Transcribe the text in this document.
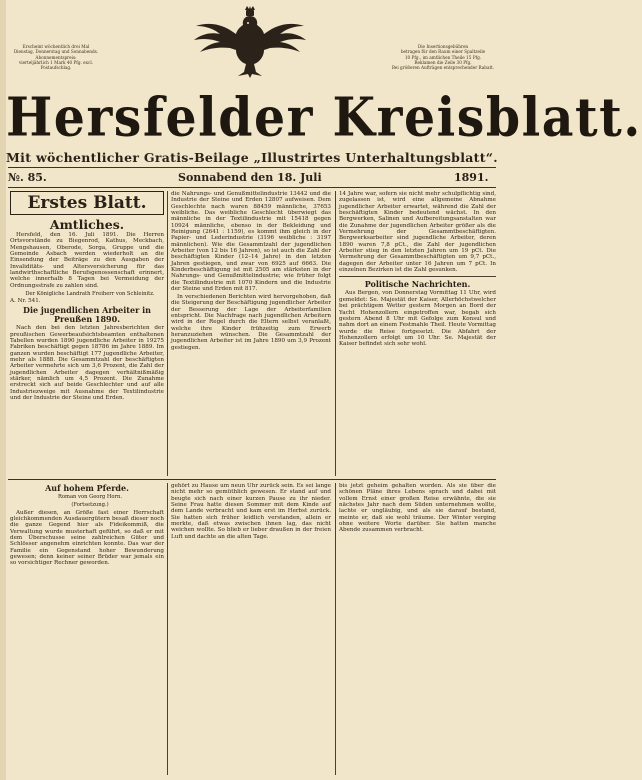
Erscheint wöchentlich drei Mal
Dienstag, Donnerstag und Sonnabends.
Abonnementspreis:
vierteljährlich 1 Mark 40 Pfg. excl.
Postaufschlag.
Die Insertionsgebühren
betragen für den Raum einer Spaltzeile
10 Pfg., im amtlichen Theile 15 Pfg.
Reklamen die Zeile 30 Pfg.
Bei größeren Aufträgen entsprechender Rabatt.
Hersfelder Kreisblatt.
Mit wöchentlicher Gratis-Beilage „Illustrirtes Unterhaltungsblatt“.
№. 85.	Sonnabend den 18. Juli	1891.
Erstes Blatt.
Amtliches.

Hersfeld, den 16. Juli 1891. Die Herren Ortsvorstände zu Biegenrod, Kathus, Meckbach, Mengshausen, Oberode, Sorga, Gruppe und die Gemeinde Asbach werden wiederholt an die Einsendung der Beiträge zu den Ausgaben der Invaliditäts- und Altersversicherung für das landwirthschaftliche Berufsgenossenschaft erinnert, welche innerhalb 8 Tagen bei Vermeidung der Ordnungsstrafe zu zahlen sind.

Der Königliche Landrath Freiherr von Schleinitz.

A. Nr. 541.

Die jugendlichen Arbeiter in Preußen 1890.

Nach den bei den letzten Jahresberichten der preußischen Gewerbeaufsichtsbeamten enthaltenen Tabellen wurden 1890 jugendliche Arbeiter in 19275 Fabriken beschäftigt gegen 18786 im Jahre 1889. Im ganzen wurden beschäftigt 177 jugendliche Arbeiter, mehr als 1888. Die Gesammtzahl der beschäftigten Arbeiter vermehrte sich um 3,6 Prozent, die Zahl der jugendlichen Arbeiter dagegen verhältnißmäßig stärker, nämlich um 4,5 Prozent. Die Zunahme erstreckt sich auf beide Geschlechter und auf alle Industriezweige mit Ausnahme der Textilindustrie und der Industrie der Steine und Erden.

die Nahrungs- und Genußmittelindustrie 13442 und die Industrie der Steine und Erden 12807 aufweisen. Dem Geschlechte nach waren 88459 männliche, 37653 weibliche. Das weibliche Geschlecht überwiegt das männliche in der Textilindustrie mit 15418 gegen 10924 männliche, ebenso in der Bekleidung und Reinigung (2641 : 1159), es kommt ihm gleich in der Papier- und Lederindustrie (3196 weibliche : 3197 männlichen). Wie die Gesammtzahl der jugendlichen Arbeiter (von 12 bis 16 Jahren), so ist auch die Zahl der beschäftigten Kinder (12–14 Jahre) in den letzten Jahren gestiegen, und zwar von 6925 auf 6663. Die Kinderbeschäftigung ist mit 2505 am stärksten in der Nahrungs- und Genußmittelindustrie; wie früher folgt die Textilindustrie mit 1070 Kindern und die Industrie der Steine und Erden mit 817.

In verschiedenen Berichten wird hervorgehoben, daß die Steigerung der Beschäftigung jugendlicher Arbeiter der Besserung der Lage der Arbeiterfamilien entspricht. Die Nachfrage nach jugendlichen Arbeitern wird in der Regel durch die Eltern selbst veranlaßt, welche ihre Kinder frühzeitig zum Erwerb heranzuziehen wünschen. Die Gesammtzahl der jugendlichen Arbeiter ist im Jahre 1890 um 3,9 Prozent gestiegen.

14 Jahre war, sofern sie nicht mehr schulpflichtig sind, zugelassen ist, wird eine allgemeine Abnahme jugendlicher Arbeiter erwartet, während die Zahl der beschäftigten Kinder bedeutend wächst. In den Bergwerken, Salinen und Aufbereitungsanstalten war die Zunahme der jugendlichen Arbeiter größer als die Vermehrung der Gesammtbeschäftigten. Bergwerksarbeiter sind jugendliche Arbeiter, deren 1890 waren 7,8 pCt., die Zahl der jugendlichen Arbeiter stieg in den letzten Jahren um 19 pCt. Die Vermehrung der Gesammtbeschäftigten um 9,7 pCt., dagegen der Arbeiter unter 16 Jahren um 7 pCt. In einzelnen Bezirken ist die Zahl gesunken.

Politische Nachrichten.

Aus Bergen, von Donnerstag Vormittag 11 Uhr, wird gemeldet: Se. Majestät der Kaiser, Allerhöchstwelcher bei prächtigem Wetter gestern Morgen an Bord der Yacht Hohenzollern eingetroffen war, begab sich gestern Abend 8 Uhr mit Gefolge zum Konsul und nahm dort an einem Festmahle Theil. Heute Vormittag wurde die Reise fortgesetzt. Die Abfahrt der Hohenzollern erfolgt um 10 Uhr. Se. Majestät der Kaiser befindet sich sehr wohl.

Auf hohem Pferde.

Roman von Georg Horn.

(Fortsetzung.)

Außer diesen, an Größe fast einer Herrschaft gleichkommenden Ausdauergütern besaß dieser noch die ganze Gegend hier als Fideikommiß, die Verwaltung wurde musterhaft geführt, so daß er mit dem Überschusse seine zahlreichen Güter und Schlösser angenehm einrichten konnte. Das war der Familie ein Gegenstand hoher Bewunderung gewesen; denn keiner seiner Brüder war jemals ein so vorsichtiger Rechner geworden.

gehört zu Hause um neun Uhr zurück sein. Es sei lange nicht mehr so gemüthlich gewesen. Er stand auf und beugte sich nach einer kurzen Pause zu ihr nieder. Seine Frau hatte diesen Sommer mit dem Kinde auf dem Lande verbracht und kam erst im Herbst zurück. Sie hatten sich früher leidlich verstanden, allein er merkte, daß etwas zwischen ihnen lag, das nicht weichen wollte. So blieb er lieber draußen in der freien Luft und dachte an die alten Tage.

bis jetzt geheim gehalten worden. Als sie über die schönen Pläne ihres Lebens sprach und dabei mit vollem Ernst einer großen Reise erwähnte, die sie nächstes Jahr nach dem Süden unternehmen wollte, lachte er ungläubig, und als sie darauf bestand, meinte er, daß sie wohl träume. Der Winter verging ohne weitere Worte darüber. Sie hatten manche Abende zusammen verbracht.
